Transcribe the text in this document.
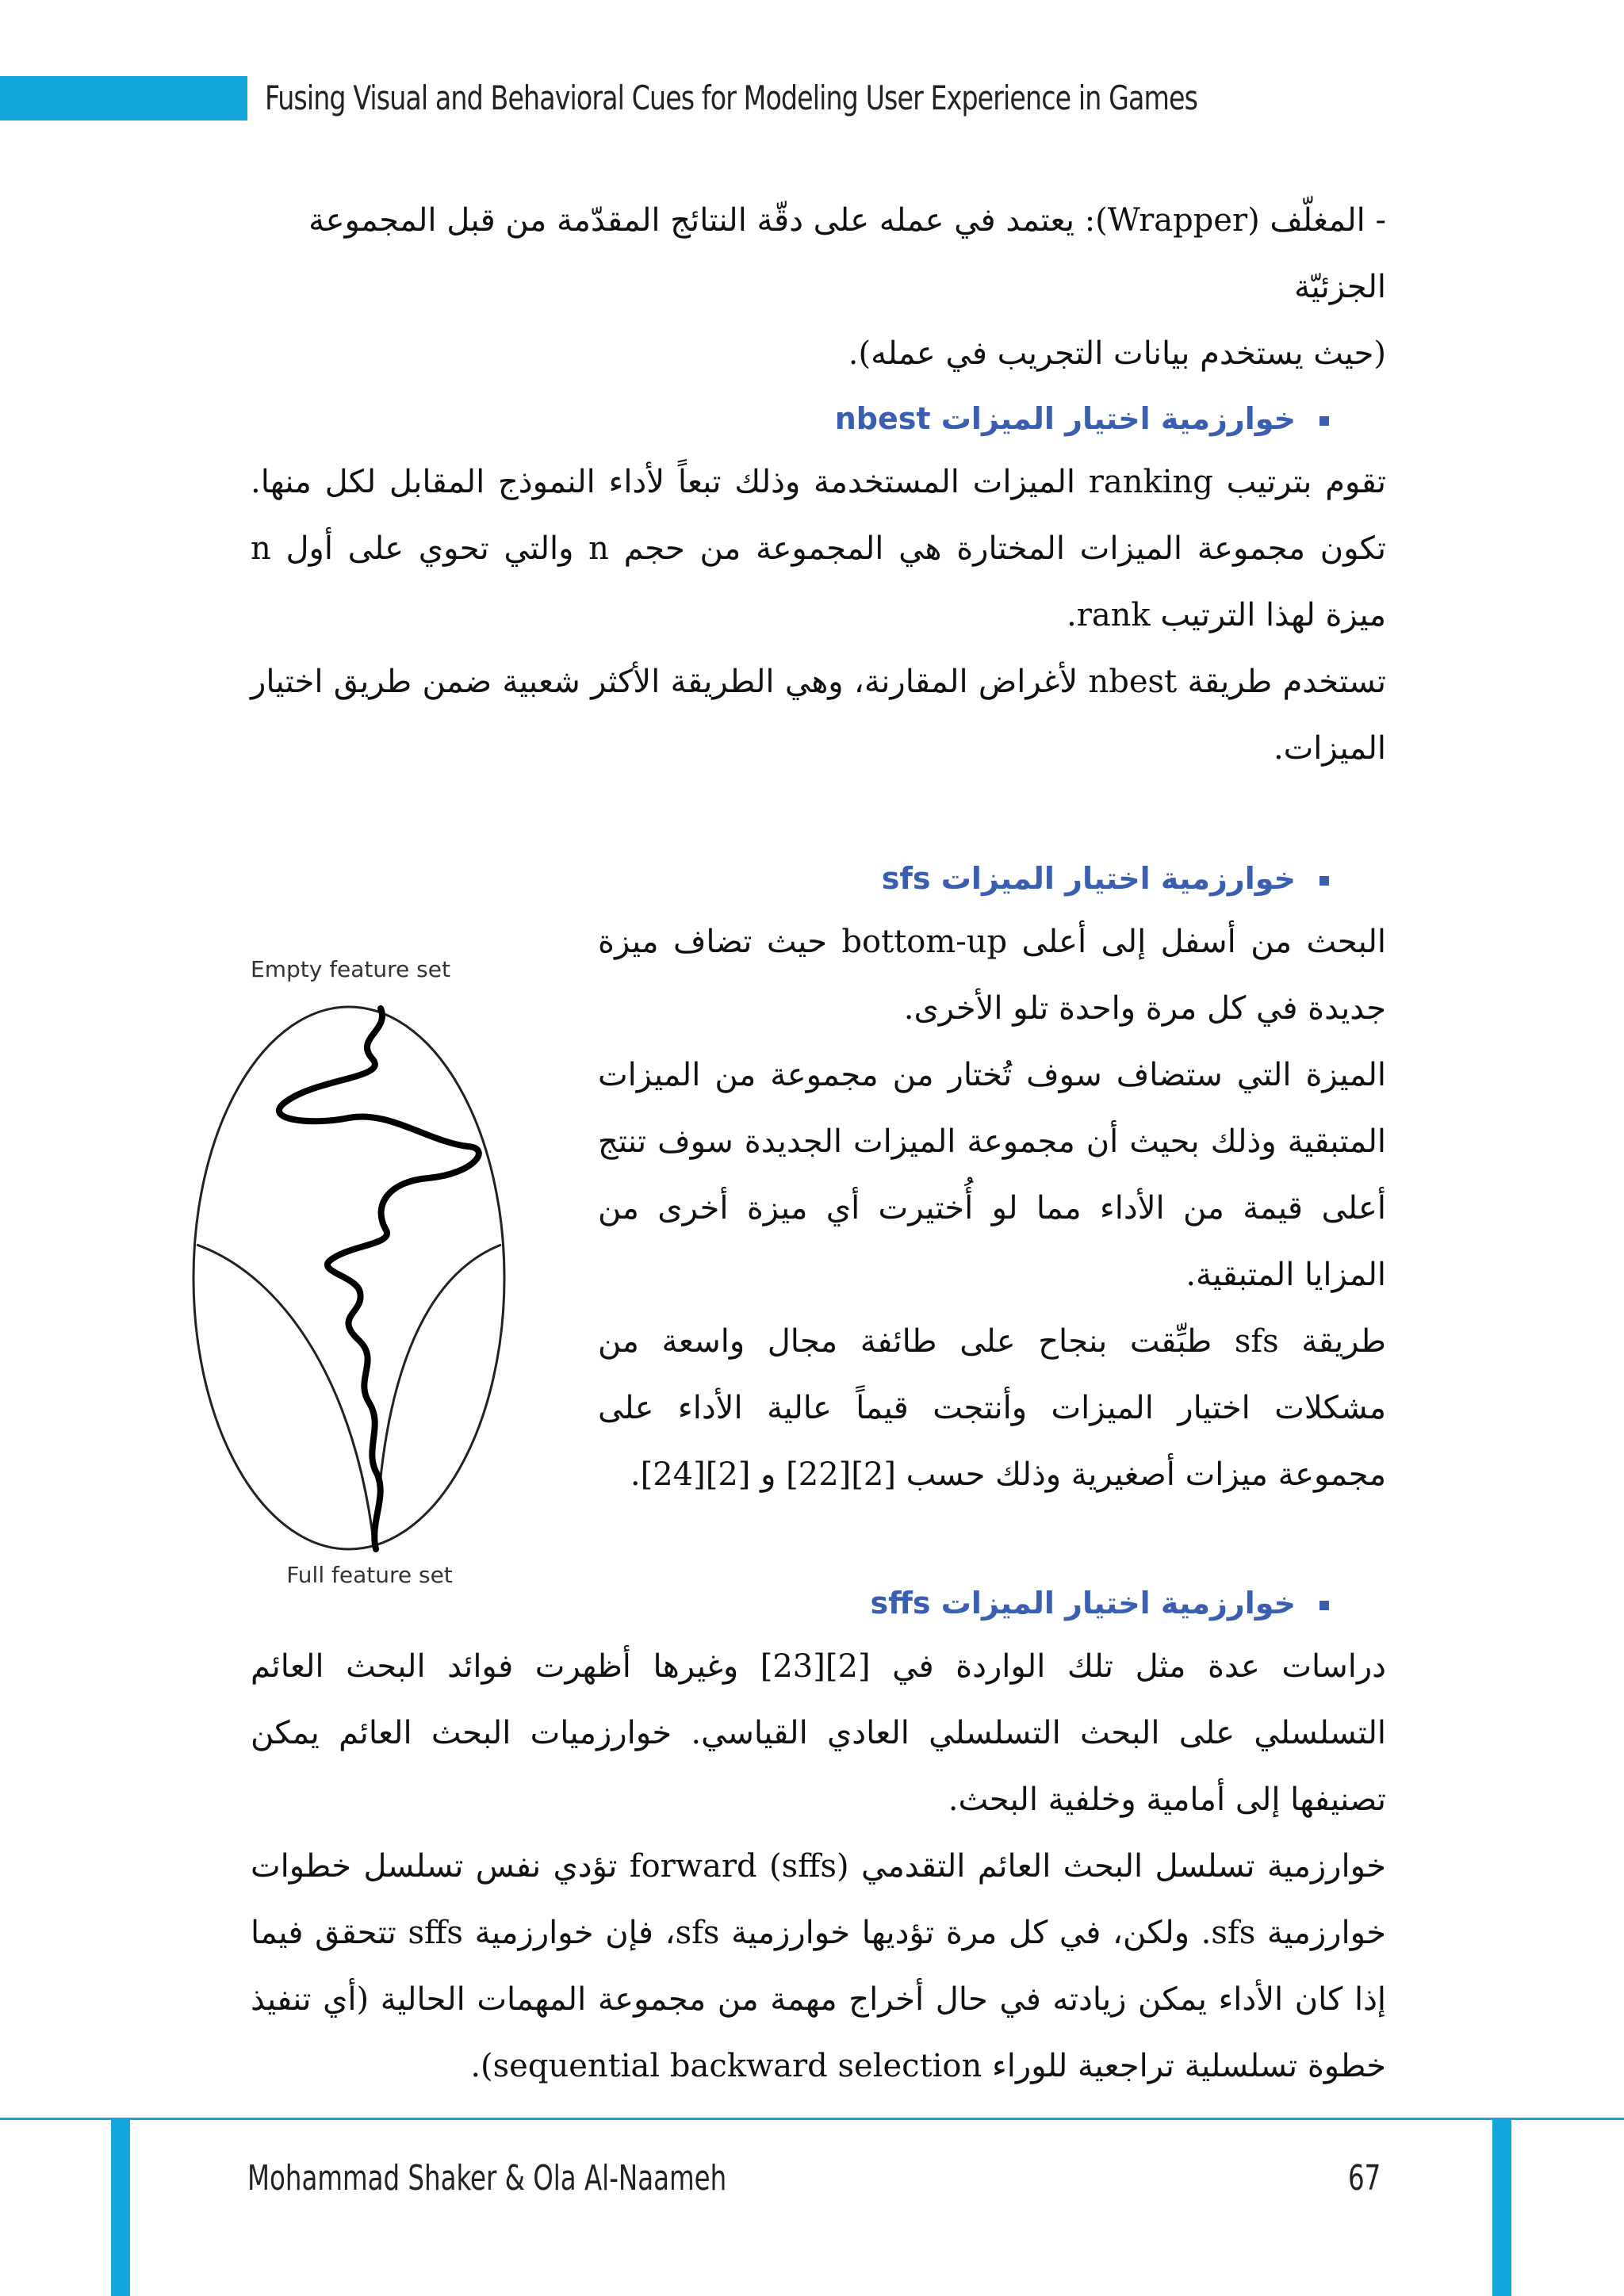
Fusing Visual and Behavioral Cues for Modeling User Experience in Games

- المغلّف (Wrapper): يعتمد في عمله على دقّة النتائج المقدّمة من قبل المجموعة الجزئيّة

(حيث يستخدم بيانات التجريب في عمله).

خوارزمية اختيار الميزات nbest

تقوم بترتيب ranking الميزات المستخدمة وذلك تبعاً لأداء النموذج المقابل لكل منها. تكون مجموعة الميزات المختارة هي المجموعة من حجم n والتي تحوي على أول n ميزة لهذا الترتيب rank.

تستخدم طريقة nbest لأغراض المقارنة، وهي الطريقة الأكثر شعبية ضمن طريق اختيار الميزات.

خوارزمية اختيار الميزات sfs

البحث من أسفل إلى أعلى bottom-up حيث تضاف ميزة جديدة في كل مرة واحدة تلو الأخرى.

الميزة التي ستضاف سوف تُختار من مجموعة من الميزات المتبقية وذلك بحيث أن مجموعة الميزات الجديدة سوف تنتج أعلى قيمة من الأداء مما لو أُختيرت أي ميزة أخرى من المزايا المتبقية.

طريقة sfs طبِّقت بنجاح على طائفة مجال واسعة من مشكلات اختيار الميزات وأنتجت قيماً عالية الأداء على مجموعة ميزات أصغيرية وذلك حسب [2][22] و [2][24].

Empty feature set
Full feature set
خوارزمية اختيار الميزات sffs

دراسات عدة مثل تلك الواردة في [2][23] وغيرها أظهرت فوائد البحث العائم التسلسلي على البحث التسلسلي العادي القياسي. خوارزميات البحث العائم يمكن تصنيفها إلى أمامية وخلفية البحث.

خوارزمية تسلسل البحث العائم التقدمي forward (sffs) تؤدي نفس تسلسل خطوات خوارزمية sfs. ولكن، في كل مرة تؤديها خوارزمية sfs، فإن خوارزمية sffs تتحقق فيما إذا كان الأداء يمكن زيادته في حال أخراج مهمة من مجموعة المهمات الحالية (أي تنفيذ خطوة تسلسلية تراجعية للوراء sequential backward selection).

Mohammad Shaker & Ola Al-Naameh	67
